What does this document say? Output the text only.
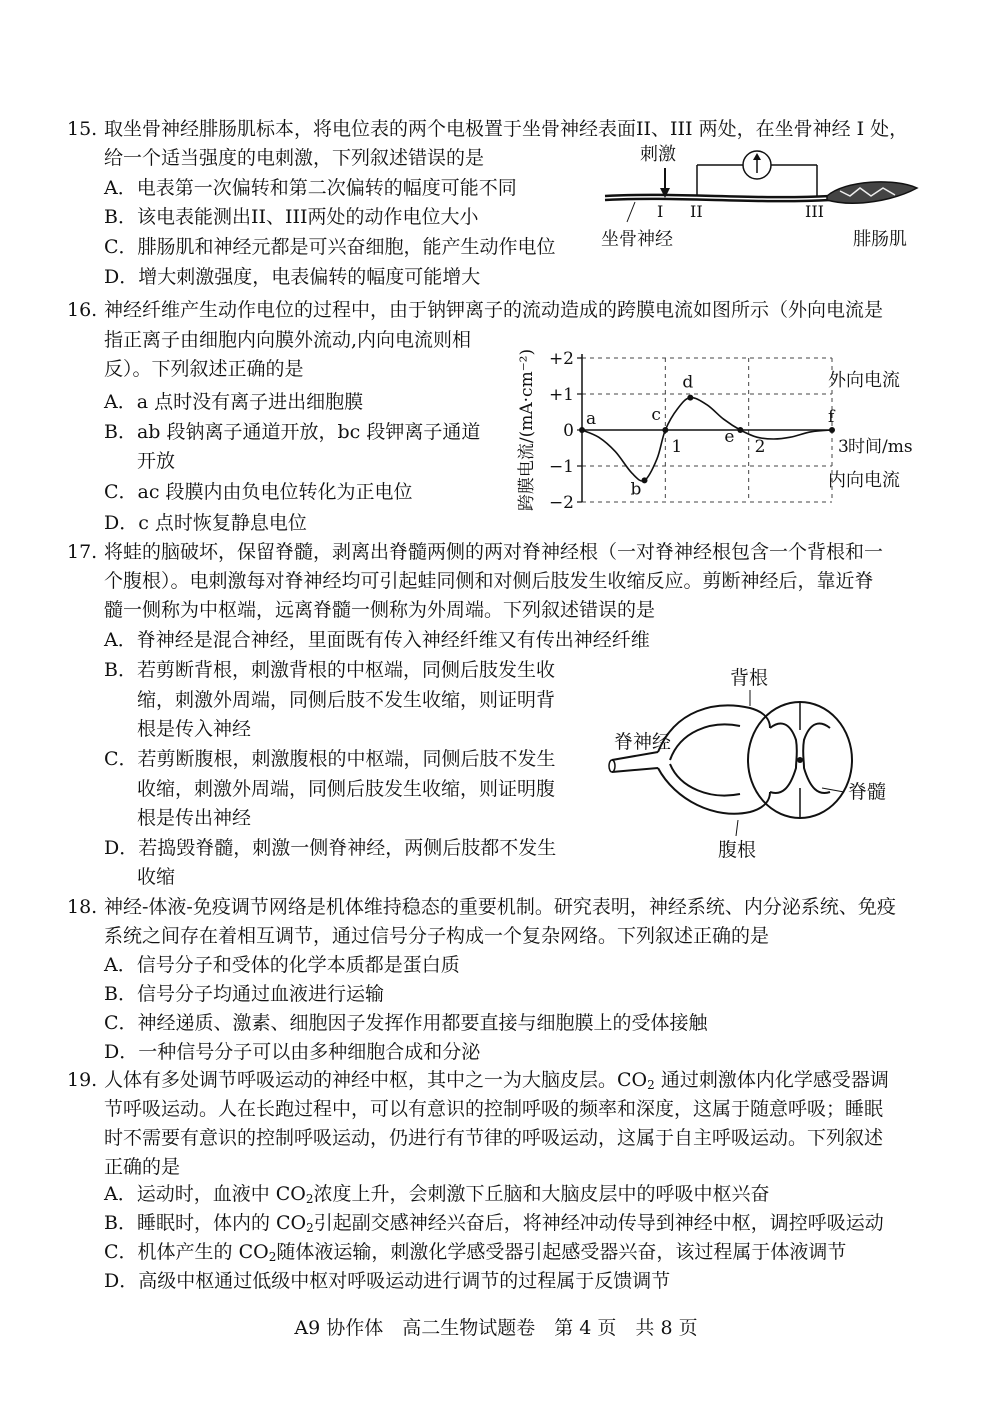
15. 取坐骨神经腓肠肌标本，将电位表的两个电极置于坐骨神经表面II、III 两处，在坐骨神经 I 处，
给一个适当强度的电刺激，下列叙述错误的是
A．电表第一次偏转和第二次偏转的幅度可能不同
B．该电表能测出II、III两处的动作电位大小
C．腓肠肌和神经元都是可兴奋细胞，能产生动作电位
D．增大刺激强度，电表偏转的幅度可能增大
刺激
I II	III
坐骨神经	腓肠肌
16. 神经纤维产生动作电位的过程中，由于钠钾离子的流动造成的跨膜电流如图所示（外向电流是
指正离子由细胞内向膜外流动,内向电流则相
反）。下列叙述正确的是
A．a 点时没有离子进出细胞膜
B．ab 段钠离子通道开放，bc 段钾离子通道
开放
C．ac 段膜内由负电位转化为正电位
D．c 点时恢复静息电位
+2
+1
0
−1
−2
1	2	3 时间/ms
跨膜电流/(mA·cm⁻²)	外向电流
内向电流
a
b
c
d
e
f
17. 将蛙的脑破坏，保留脊髓，剥离出脊髓两侧的两对脊神经根（一对脊神经根包含一个背根和一
个腹根）。电刺激每对脊神经均可引起蛙同侧和对侧后肢发生收缩反应。剪断神经后，靠近脊
髓一侧称为中枢端，远离脊髓一侧称为外周端。下列叙述错误的是
A．脊神经是混合神经，里面既有传入神经纤维又有传出神经纤维
B．若剪断背根，刺激背根的中枢端，同侧后肢发生收
缩，刺激外周端，同侧后肢不发生收缩，则证明背
根是传入神经
C．若剪断腹根，刺激腹根的中枢端，同侧后肢不发生
收缩，刺激外周端，同侧后肢发生收缩，则证明腹
根是传出神经
D．若捣毁脊髓，刺激一侧脊神经，两侧后肢都不发生
收缩
背根
脊神经
脊髓
腹根
18. 神经-体液-免疫调节网络是机体维持稳态的重要机制。研究表明，神经系统、内分泌系统、免疫
系统之间存在着相互调节，通过信号分子构成一个复杂网络。下列叙述正确的是
A．信号分子和受体的化学本质都是蛋白质
B．信号分子均通过血液进行运输
C．神经递质、激素、细胞因子发挥作用都要直接与细胞膜上的受体接触
D．一种信号分子可以由多种细胞合成和分泌
19. 人体有多处调节呼吸运动的神经中枢，其中之一为大脑皮层。$CO_2$ 通过刺激体内化学感受器调
节呼吸运动。人在长跑过程中，可以有意识的控制呼吸的频率和深度，这属于随意呼吸；睡眠
时不需要有意识的控制呼吸运动，仍进行有节律的呼吸运动，这属于自主呼吸运动。下列叙述
正确的是
A．运动时，血液中 $CO_2$浓度上升，会刺激下丘脑和大脑皮层中的呼吸中枢兴奋
B．睡眠时，体内的 $CO_2$引起副交感神经兴奋后，将神经冲动传导到神经中枢，调控呼吸运动
C．机体产生的 $CO_2$随体液运输，刺激化学感受器引起感受器兴奋，该过程属于体液调节
D．高级中枢通过低级中枢对呼吸运动进行调节的过程属于反馈调节
A9 协作体　高二生物试题卷　第 4 页　共 8 页
